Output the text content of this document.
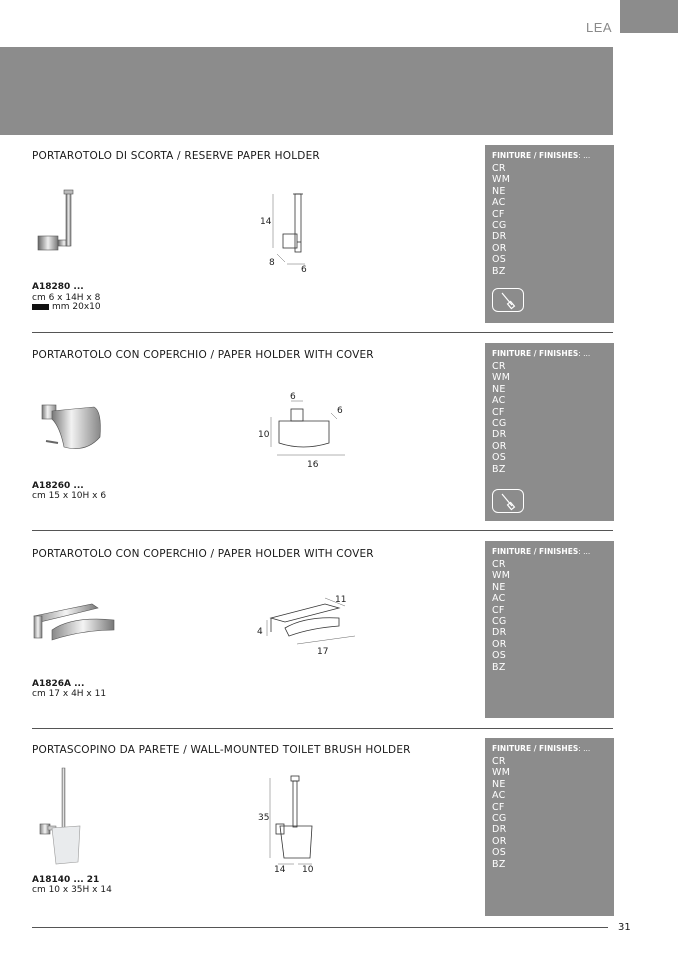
LEA
PORTAROTOLO DI SCORTA / RESERVE PAPER HOLDER
14
8
6
A18280 ...
cm 6 x 14H x 8
mm 20x10
FINITURE / FINISHES: ...
CR
WM
NE
AC
CF
CG
DR
OR
OS
BZ
PORTAROTOLO CON COPERCHIO / PAPER HOLDER WITH COVER
6
6
10
16
A18260 ...
cm 15 x 10H x 6
FINITURE / FINISHES: ...
CR
WM
NE
AC
CF
CG
DR
OR
OS
BZ
PORTAROTOLO CON COPERCHIO / PAPER HOLDER WITH COVER
11
4
17
A1826A ...
cm 17 x 4H x 11
FINITURE / FINISHES: ...
CR
WM
NE
AC
CF
CG
DR
OR
OS
BZ
PORTASCOPINO DA PARETE / WALL-MOUNTED TOILET BRUSH HOLDER
35
14 10
A18140 ... 21
cm 10 x 35H x 14
FINITURE / FINISHES: ...
CR
WM
NE
AC
CF
CG
DR
OR
OS
BZ
31
